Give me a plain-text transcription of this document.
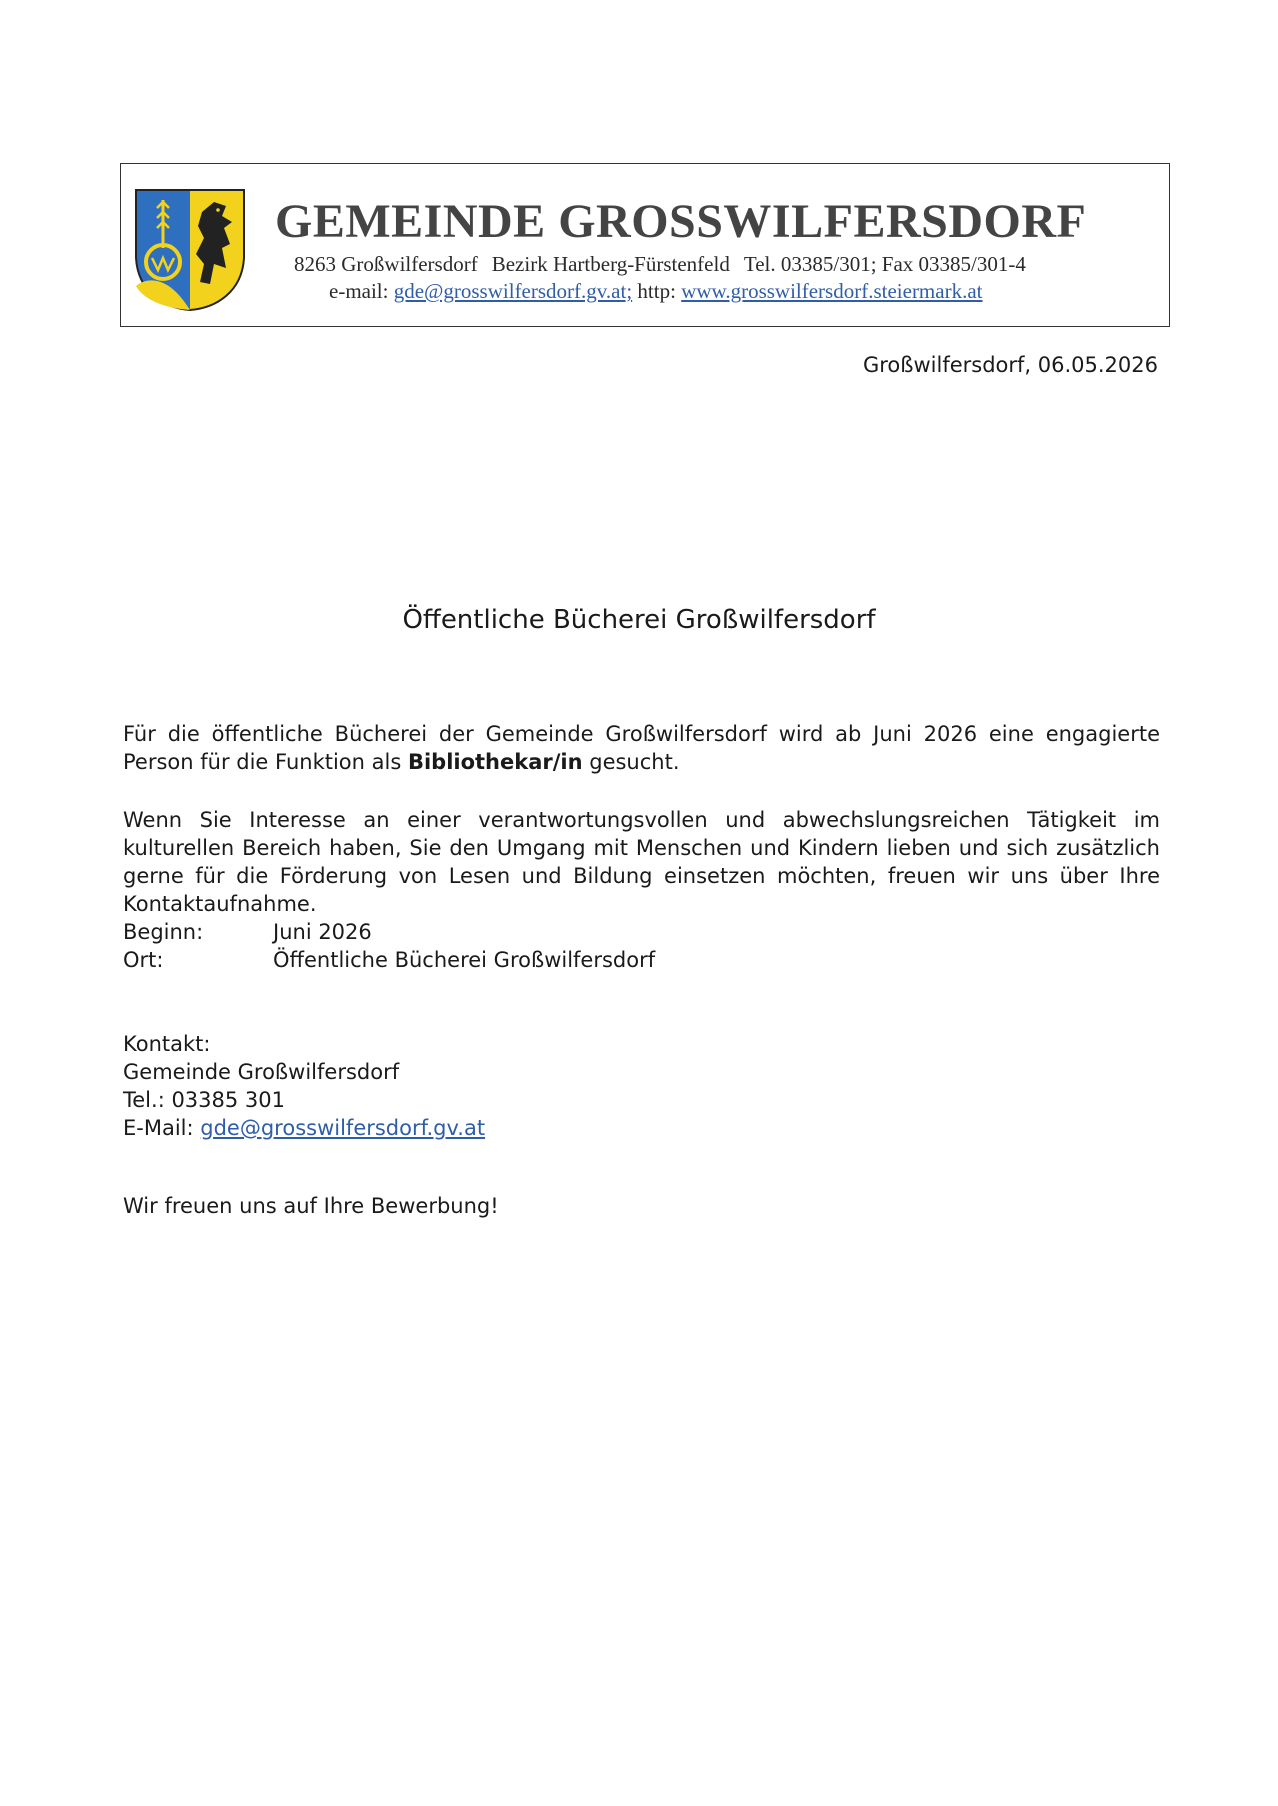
GEMEINDE GROSSWILFERSDORF
8263 Großwilfersdorf Bezirk Hartberg-Fürstenfeld Tel. 03385/301; Fax 03385/301-4
e-mail: gde@grosswilfersdorf.gv.at; http: www.grosswilfersdorf.steiermark.at
Großwilfersdorf, 06.05.2026
Öffentliche Bücherei Großwilfersdorf
Für die öffentliche Bücherei der Gemeinde Großwilfersdorf wird ab Juni 2026 eine engagierte Person für die Funktion als Bibliothekar/in gesucht.
Wenn Sie Interesse an einer verantwortungsvollen und abwechslungsreichen Tätigkeit im kulturellen Bereich haben, Sie den Umgang mit Menschen und Kindern lieben und sich zusätzlich gerne für die Förderung von Lesen und Bildung einsetzen möchten, freuen wir uns über Ihre Kontaktaufnahme.
Beginn:	Juni 2026
Ort:	Öffentliche Bücherei Großwilfersdorf
Kontakt:
Gemeinde Großwilfersdorf
Tel.: 03385 301
E-Mail: gde@grosswilfersdorf.gv.at
Wir freuen uns auf Ihre Bewerbung!
